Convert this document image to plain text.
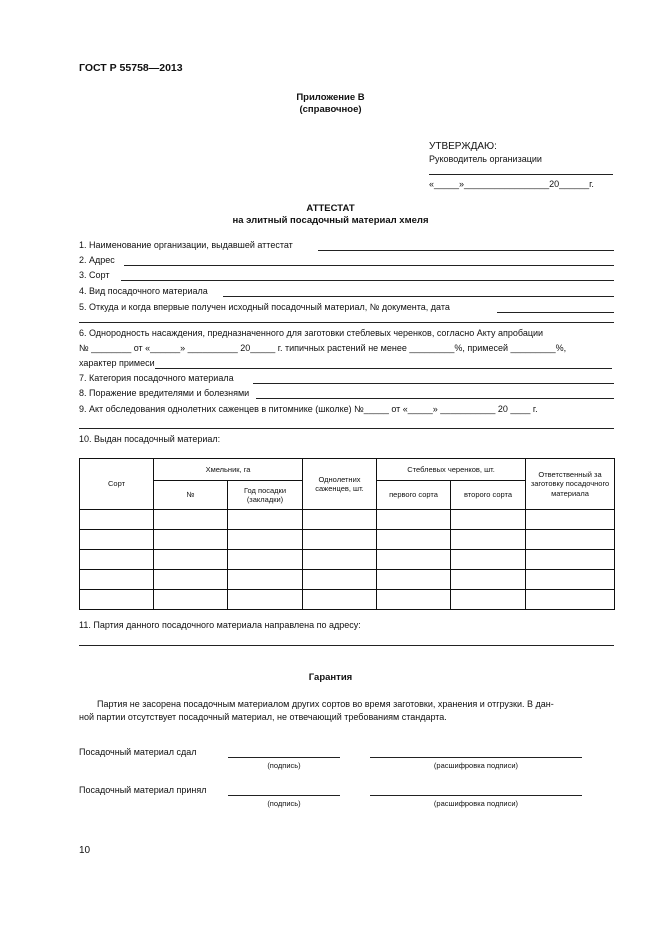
ГОСТ Р 55758—2013
Приложение В
(справочное)
УТВЕРЖДАЮ:
Руководитель организации
«_____»_________________20______г.
АТТЕСТАТ
на элитный посадочный материал хмеля
1. Наименование организации, выдавшей аттестат
2. Адрес
3. Сорт
4. Вид посадочного материала
5. Откуда и когда впервые получен исходный посадочный материал, № документа, дата
6. Однородность насаждения, предназначенного для заготовки стеблевых черенков, согласно Акту апробации
№ ________ от «______» __________ 20_____ г. типичных растений не менее _________%, примесей _________%,
характер примеси
7. Категория посадочного материала
8. Поражение вредителями и болезнями
9. Акт обследования однолетних саженцев в питомнике (школке) №_____ от «_____» ___________ 20 ____ г.
10. Выдан посадочный материал:
Сорт	Хмельник, га		Однолетних саженцев, шт.	Стеблевых черенков, шт.		Ответственный за заготовку посадочного материала
	№	Год посадки (закладки)		первого сорта	второго сорта	

11. Партия данного посадочного материала направлена по адресу:
Гарантия
Партия не засорена посадочным материалом других сортов во время заготовки, хранения и отгрузки. В дан-
ной партии отсутствует посадочный материал, не отвечающий требованиям стандарта.
Посадочный материал сдал
(подпись)	(расшифровка подписи)
Посадочный материал принял
(подпись)	(расшифровка подписи)
10
